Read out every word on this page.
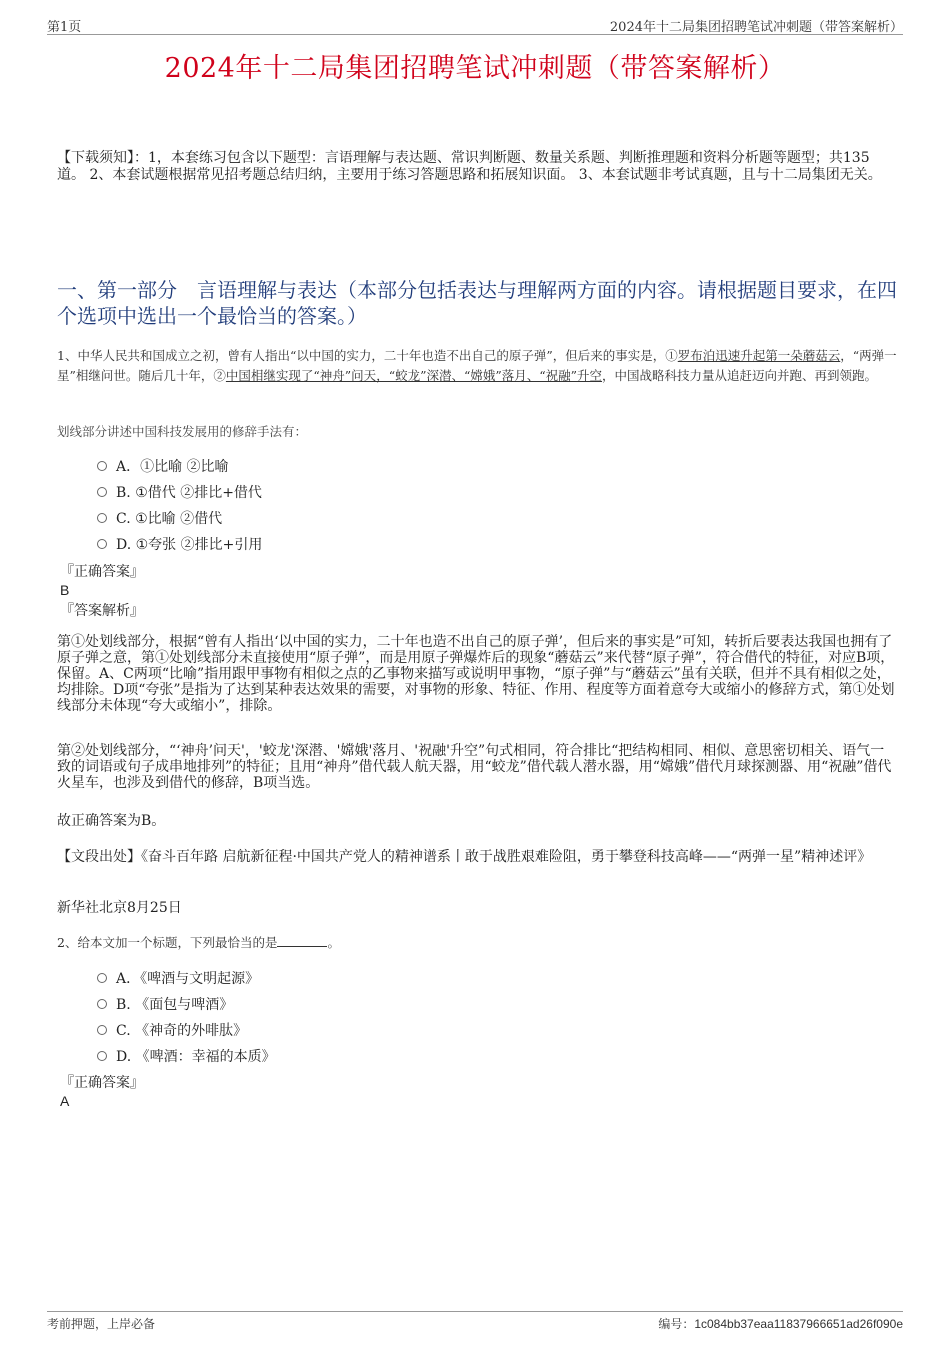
第1页	2024年十二局集团招聘笔试冲刺题（带答案解析）
2024年十二局集团招聘笔试冲刺题（带答案解析）
【下载须知】：1，本套练习包含以下题型：言语理解与表达题、常识判断题、数量关系题、判断推理题和资料分析题等题型；共135道。 2、本套试题根据常见招考题总结归纳，主要用于练习答题思路和拓展知识面。 3、本套试题非考试真题，且与十二局集团无关。
一、第一部分　言语理解与表达（本部分包括表达与理解两方面的内容。请根据题目要求，在四个选项中选出一个最恰当的答案。）
1、中华人民共和国成立之初，曾有人指出“以中国的实力，二十年也造不出自己的原子弹”，但后来的事实是，①罗布泊迅速升起第一朵蘑菇云，“两弹一星”相继问世。随后几十年，②中国相继实现了“神舟”问天，“蛟龙”深潜、“嫦娥”落月、“祝融”升空，中国战略科技力量从追赶迈向并跑、再到领跑。
划线部分讲述中国科技发展用的修辞手法有：
A．①比喻 ②比喻
B. ①借代 ②排比+借代
C. ①比喻 ②借代
D. ①夸张 ②排比+引用
『正确答案』
B
『答案解析』
第①处划线部分，根据“曾有人指出‘以中国的实力，二十年也造不出自己的原子弹’，但后来的事实是”可知，转折后要表达我国也拥有了原子弹之意，第①处划线部分未直接使用“原子弹”，而是用原子弹爆炸后的现象“蘑菇云”来代替“原子弹”，符合借代的特征，对应B项，保留。A、C两项“比喻”指用跟甲事物有相似之点的乙事物来描写或说明甲事物，“原子弹”与“蘑菇云”虽有关联，但并不具有相似之处，均排除。D项“夸张”是指为了达到某种表达效果的需要，对事物的形象、特征、作用、程度等方面着意夸大或缩小的修辞方式，第①处划线部分未体现“夸大或缩小”，排除。
第②处划线部分，“‘神舟’问天'，'蛟龙'深潜、'嫦娥'落月、'祝融'升空”句式相同，符合排比“把结构相同、相似、意思密切相关、语气一致的词语或句子成串地排列”的特征；且用“神舟”借代载人航天器，用“蛟龙”借代载人潜水器，用“嫦娥”借代月球探测器、用“祝融”借代火星车，也涉及到借代的修辞，B项当选。
故正确答案为B。
【文段出处】《奋斗百年路 启航新征程·中国共产党人的精神谱系丨敢于战胜艰难险阻，勇于攀登科技高峰——“两弹一星”精神述评》
新华社北京8月25日
2、给本文加一个标题，下列最恰当的是	。
A．《啤酒与文明起源》
B. 《面包与啤酒》
C. 《神奇的外啡肽》
D. 《啤酒：幸福的本质》
『正确答案』
A
考前押题，上岸必备	编号：1c084bb37eaa11837966651ad26f090e
